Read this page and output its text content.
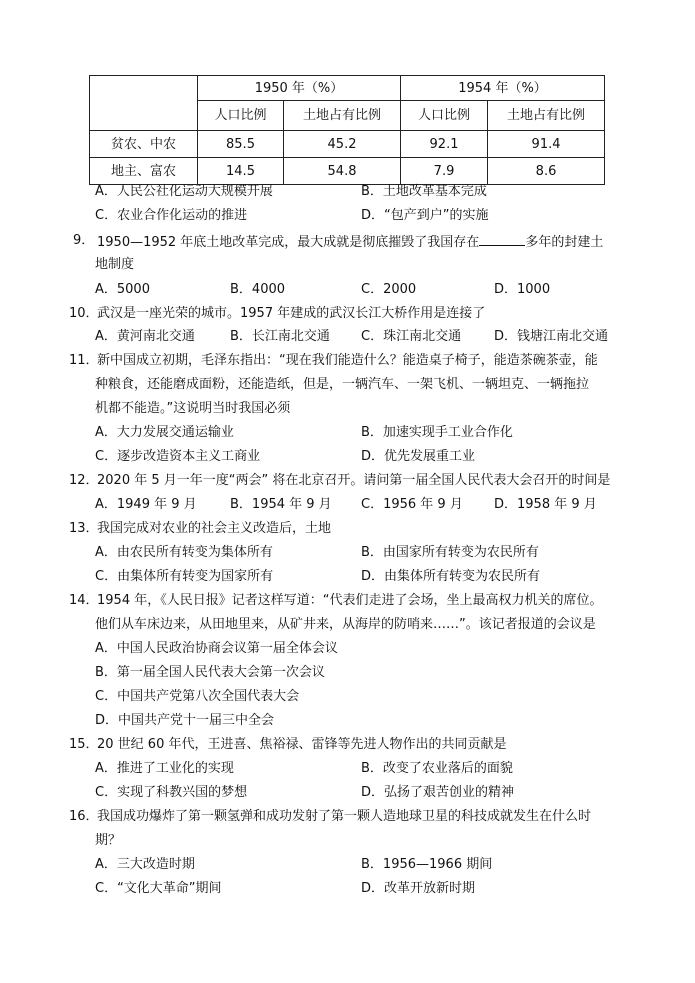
	1950 年（%）		1954 年（%）	
	人口比例	土地占有比例	人口比例	土地占有比例
贫农、中农	85.5	45.2	92.1	91.4
地主、富农	14.5	54.8	7.9	8.6
A．人民公社化运动大规模开展	B．土地改革基本完成
C．农业合作化运动的推进	D．“包产到户”的实施
9． 1950—1952 年底土地改革完成，最大成就是彻底摧毁了我国存在	多年的封建土
地制度
A．5000	B．4000	C．2000	D．1000
10．
武汉是一座光荣的城市。1957 年建成的武汉长江大桥作用是连接了
A．黄河南北交通	B．长江南北交通 C．珠江南北交通	D．钱塘江南北交通
11．
新中国成立初期，毛泽东指出：“现在我们能造什么？能造桌子椅子，能造茶碗茶壶，能
种粮食，还能磨成面粉，还能造纸，但是，一辆汽车、一架飞机、一辆坦克、一辆拖拉
机都不能造。”这说明当时我国必须
A．大力发展交通运输业	B．加速实现手工业合作化
C．逐步改造资本主义工商业	D．优先发展重工业
12．
2020 年 5 月一年一度“两会” 将在北京召开。请问第一届全国人民代表大会召开的时间是
A．1949 年 9 月	B．1954 年 9 月 C．1956 年 9 月 D．1958 年 9 月
13．
我国完成对农业的社会主义改造后，土地
A．由农民所有转变为集体所有	B．由国家所有转变为农民所有
C．由集体所有转变为国家所有	D．由集体所有转变为农民所有
14．
1954 年，《人民日报》记者这样写道：“代表们走进了会场，坐上最高权力机关的席位。
他们从车床边来，从田地里来，从矿井来，从海岸的防哨来……”。该记者报道的会议是
A．中国人民政治协商会议第一届全体会议
B．第一届全国人民代表大会第一次会议
C．中国共产党第八次全国代表大会
D．中国共产党十一届三中全会
15．
20 世纪 60 年代，王进喜、焦裕禄、雷锋等先进人物作出的共同贡献是
A．推进了工业化的实现	B．改变了农业落后的面貌
C．实现了科教兴国的梦想	D．弘扬了艰苦创业的精神
16．
我国成功爆炸了第一颗氢弹和成功发射了第一颗人造地球卫星的科技成就发生在什么时
期？
A．三大改造时期	B．1956—1966 期间
C．“文化大革命”期间	D．改革开放新时期
